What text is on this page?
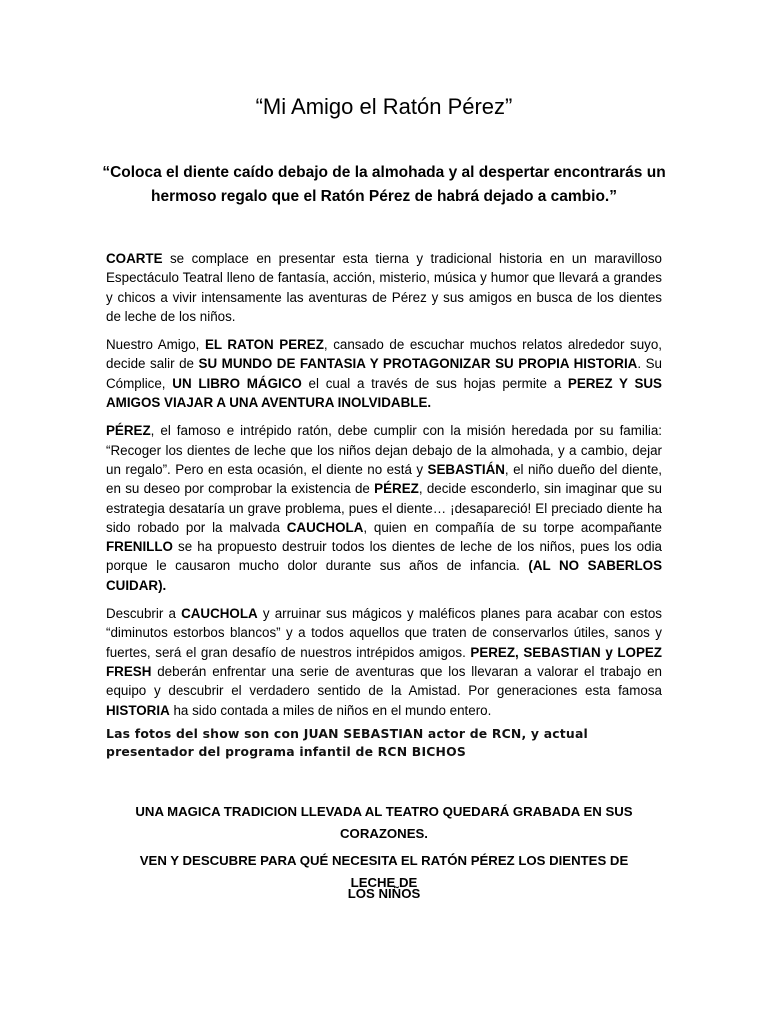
“Mi Amigo el Ratón Pérez”
“Coloca el diente caído debajo de la almohada y al despertar encontrarás un hermoso regalo que el Ratón Pérez de habrá dejado a cambio.”

COARTE se complace en presentar esta tierna y tradicional historia en un maravilloso Espectáculo Teatral lleno de fantasía, acción, misterio, música y humor que llevará a grandes y chicos a vivir intensamente las aventuras de Pérez y sus amigos en busca de los dientes de leche de los niños.

Nuestro Amigo, EL RATON PEREZ, cansado de escuchar muchos relatos alrededor suyo, decide salir de SU MUNDO DE FANTASIA Y PROTAGONIZAR SU PROPIA HISTORIA. Su Cómplice, UN LIBRO MÁGICO el cual a través de sus hojas permite a PEREZ Y SUS AMIGOS VIAJAR A UNA AVENTURA INOLVIDABLE.

PÉREZ, el famoso e intrépido ratón, debe cumplir con la misión heredada por su familia: “Recoger los dientes de leche que los niños dejan debajo de la almohada, y a cambio, dejar un regalo”. Pero en esta ocasión, el diente no está y SEBASTIÁN, el niño dueño del diente, en su deseo por comprobar la existencia de PÉREZ, decide esconderlo, sin imaginar que su estrategia desataría un grave problema, pues el diente… ¡desapareció! El preciado diente ha sido robado por la malvada CAUCHOLA, quien en compañía de su torpe acompañante FRENILLO se ha propuesto destruir todos los dientes de leche de los niños, pues los odia porque le causaron mucho dolor durante sus años de infancia. (AL NO SABERLOS CUIDAR).

Descubrir a CAUCHOLA y arruinar sus mágicos y maléficos planes para acabar con estos “diminutos estorbos blancos” y a todos aquellos que traten de conservarlos útiles, sanos y fuertes, será el gran desafío de nuestros intrépidos amigos. PEREZ, SEBASTIAN y LOPEZ FRESH deberán enfrentar una serie de aventuras que los llevaran a valorar el trabajo en equipo y descubrir el verdadero sentido de la Amistad. Por generaciones esta famosa HISTORIA ha sido contada a miles de niños en el mundo entero.

Las fotos del show son con JUAN SEBASTIAN actor de RCN, y actual presentador del programa infantil de RCN BICHOS
UNA MAGICA TRADICION LLEVADA AL TEATRO QUEDARÁ GRABADA EN SUS CORAZONES.
VEN Y DESCUBRE PARA QUÉ NECESITA EL RATÓN PÉREZ LOS DIENTES DE LECHE DE
LOS NIÑOS
